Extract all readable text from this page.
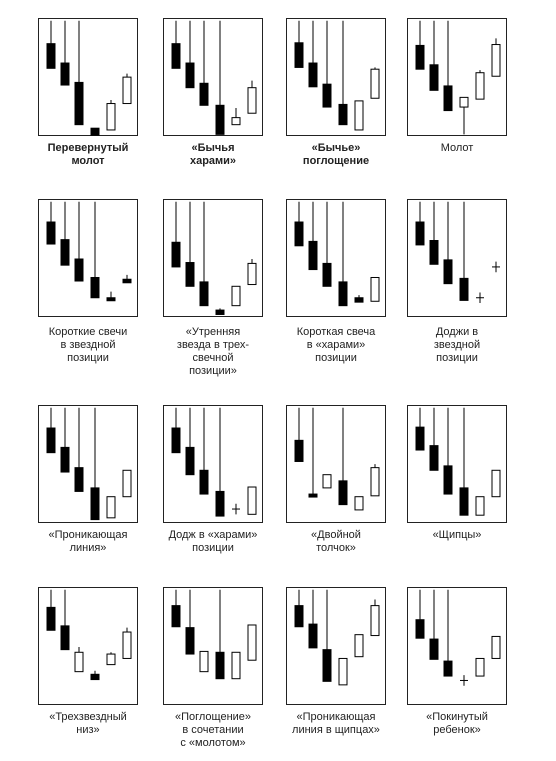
Перевернутый
молот
«Бычья
харами»
«Бычье»
поглощение
Молот
Короткие свечи
в звездной
позиции
«Утренняя
звезда в трех-
свечной
позиции»
Короткая свеча
в «харами»
позиции
Доджи в
звездной
позиции
«Проникающая
линия»
Додж в «харами»
позиции
«Двойной
толчок»
«Щипцы»
«Трехзвездный
низ»
«Поглощение»
в сочетании
с «молотом»
«Проникающая
линия в щипцах»
«Покинутый
ребенок»
